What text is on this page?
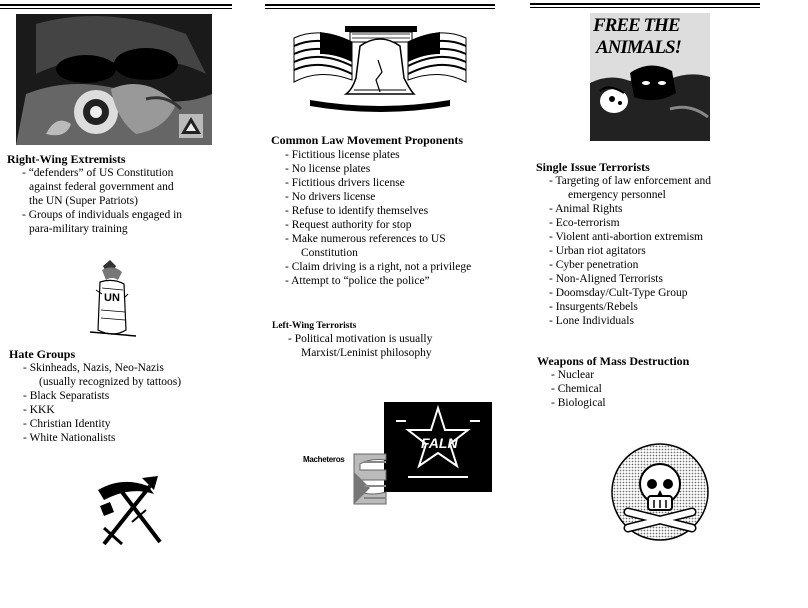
Right-Wing Extremists
- “defenders” of US Constitution
against federal government and
the UN (Super Patriots)
- Groups of individuals engaged in
para-military training
UN
Hate Groups
- Skinheads, Nazis, Neo-Nazis
(usually recognized by tattoos)
- Black Separatists
- KKK
- Christian Identity
- White Nationalists
Common Law Movement Proponents
- Fictitious license plates
- No license plates
- Fictitious drivers license
- No drivers license
- Refuse to identify themselves
- Request authority for stop
- Make numerous references to US
Constitution
- Claim driving is a right, not a privilege
- Attempt to “police the police”
Left-Wing Terrorists
- Political motivation is usually
Marxist/Leninist philosophy
FALN
Macheteros
FREE THE
ANIMALS!
Single Issue Terrorists
- Targeting of law enforcement and
emergency personnel
- Animal Rights
- Eco-terrorism
- Violent anti-abortion extremism
- Urban riot agitators
- Cyber penetration
- Non-Aligned Terrorists
- Doomsday/Cult-Type Group
- Insurgents/Rebels
- Lone Individuals
Weapons of Mass Destruction
- Nuclear
- Chemical
- Biological
